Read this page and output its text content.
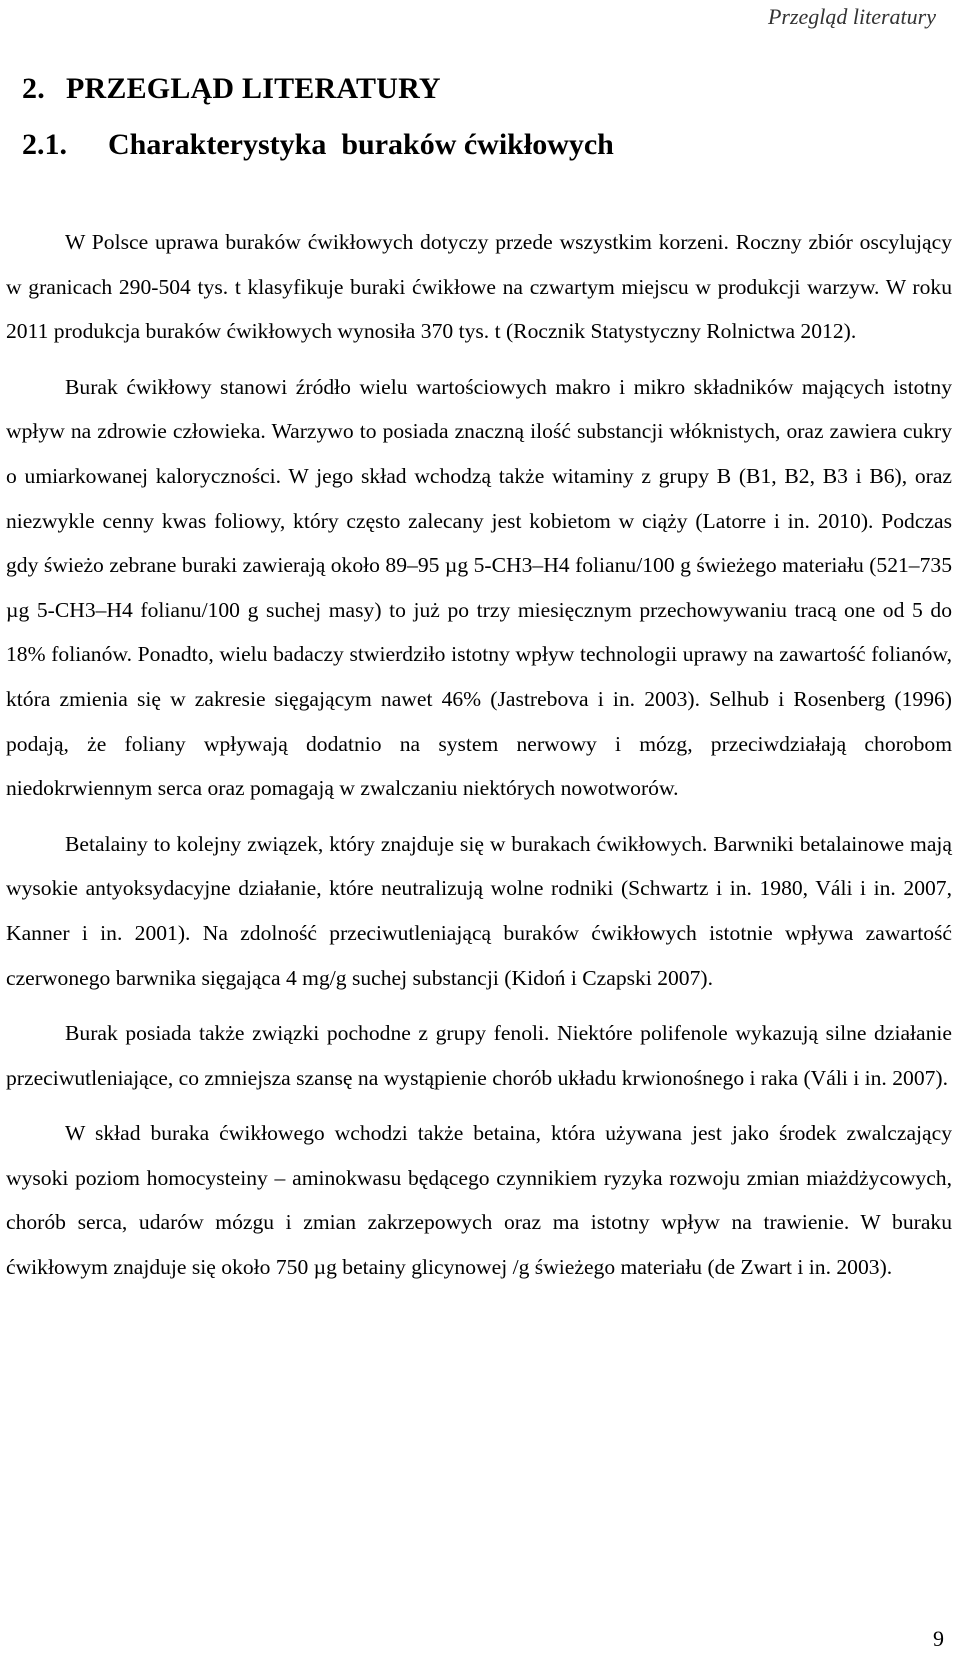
Przegląd literatury
2. PRZEGLĄD LITERATURY
2.1. Charakterystyka  buraków ćwikłowych

W Polsce uprawa buraków ćwikłowych dotyczy przede wszystkim korzeni. Roczny zbiór oscylujący w granicach 290-504 tys. t klasyfikuje buraki ćwikłowe na czwartym miejscu w produkcji warzyw. W roku 2011 produkcja buraków ćwikłowych wynosiła 370 tys. t (Rocznik Statystyczny Rolnictwa 2012).

Burak ćwikłowy stanowi źródło wielu wartościowych makro i mikro składników mających istotny wpływ na zdrowie człowieka. Warzywo to posiada znaczną ilość substancji włóknistych, oraz zawiera cukry o umiarkowanej kaloryczności. W jego skład wchodzą także witaminy z grupy B (B1, B2, B3 i B6), oraz niezwykle cenny kwas foliowy, który często zalecany jest kobietom w ciąży (Latorre i in. 2010). Podczas gdy świeżo zebrane buraki zawierają około 89–95 µg 5-CH3–H4 folianu/100 g świeżego materiału (521–735 µg 5-CH3–H4 folianu/100 g suchej masy) to już po trzy miesięcznym przechowywaniu tracą one od 5 do 18% folianów. Ponadto, wielu badaczy stwierdziło istotny wpływ technologii uprawy na zawartość folianów, która zmienia się w zakresie sięgającym nawet 46% (Jastrebova i in. 2003). Selhub i Rosenberg (1996) podają, że foliany wpływają dodatnio na system nerwowy i mózg, przeciwdziałają chorobom niedokrwiennym serca oraz pomagają w zwalczaniu niektórych nowotworów.

Betalainy to kolejny związek, który znajduje się w burakach ćwikłowych. Barwniki betalainowe mają wysokie antyoksydacyjne działanie, które neutralizują wolne rodniki (Schwartz i in. 1980, Váli i in. 2007, Kanner i in. 2001). Na zdolność przeciwutleniającą buraków ćwikłowych istotnie wpływa zawartość czerwonego barwnika sięgająca 4 mg/g suchej substancji (Kidoń i Czapski 2007).

Burak posiada także związki pochodne z grupy fenoli. Niektóre polifenole wykazują silne działanie przeciwutleniające, co zmniejsza szansę na wystąpienie chorób układu krwionośnego i raka (Váli i in. 2007).

W skład buraka ćwikłowego wchodzi także betaina, która używana jest jako środek zwalczający wysoki poziom homocysteiny – aminokwasu będącego czynnikiem ryzyka rozwoju zmian miażdżycowych, chorób serca, udarów mózgu i zmian zakrzepowych oraz ma istotny wpływ na trawienie. W buraku ćwikłowym znajduje się około 750 µg betainy glicynowej /g świeżego materiału (de Zwart i in. 2003).

9
